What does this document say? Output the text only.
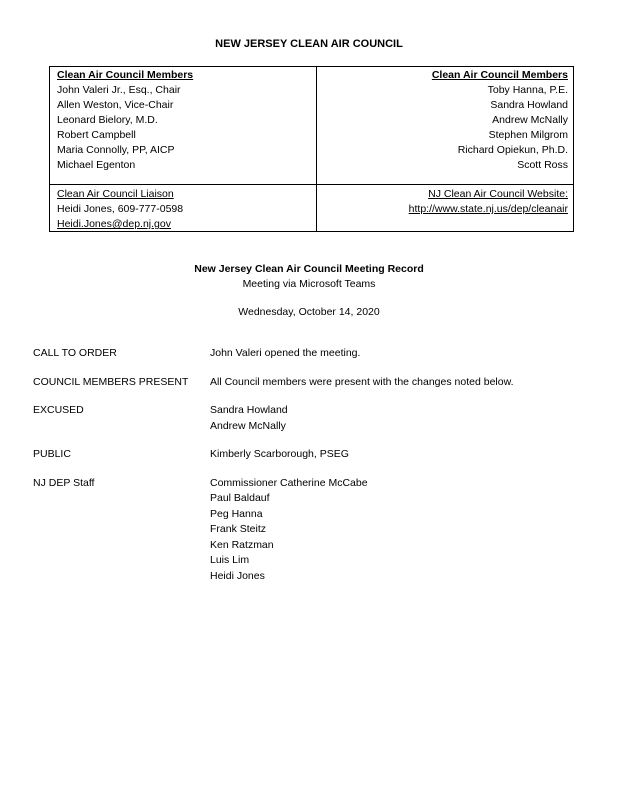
NEW JERSEY CLEAN AIR COUNCIL
Clean Air Council Members
John Valeri Jr., Esq., Chair
Allen Weston, Vice-Chair
Leonard Bielory, M.D.
Robert Campbell
Maria Connolly, PP, AICP
Michael Egenton
Clean Air Council Members
Toby Hanna, P.E.
Sandra Howland
Andrew McNally
Stephen Milgrom
Richard Opiekun, Ph.D.
Scott Ross
Clean Air Council Liaison
Heidi Jones, 609-777-0598
Heidi.Jones@dep.nj.gov
NJ Clean Air Council Website:
http://www.state.nj.us/dep/cleanair
New Jersey Clean Air Council Meeting Record
Meeting via Microsoft Teams
Wednesday, October 14, 2020
CALL TO ORDER	John Valeri opened the meeting.
COUNCIL MEMBERS PRESENT All Council members were present with the changes noted below.
EXCUSED	Sandra Howland
Andrew McNally
PUBLIC	Kimberly Scarborough, PSEG
NJ DEP Staff	Commissioner Catherine McCabe
Paul Baldauf
Peg Hanna
Frank Steitz
Ken Ratzman
Luis Lim
Heidi Jones
